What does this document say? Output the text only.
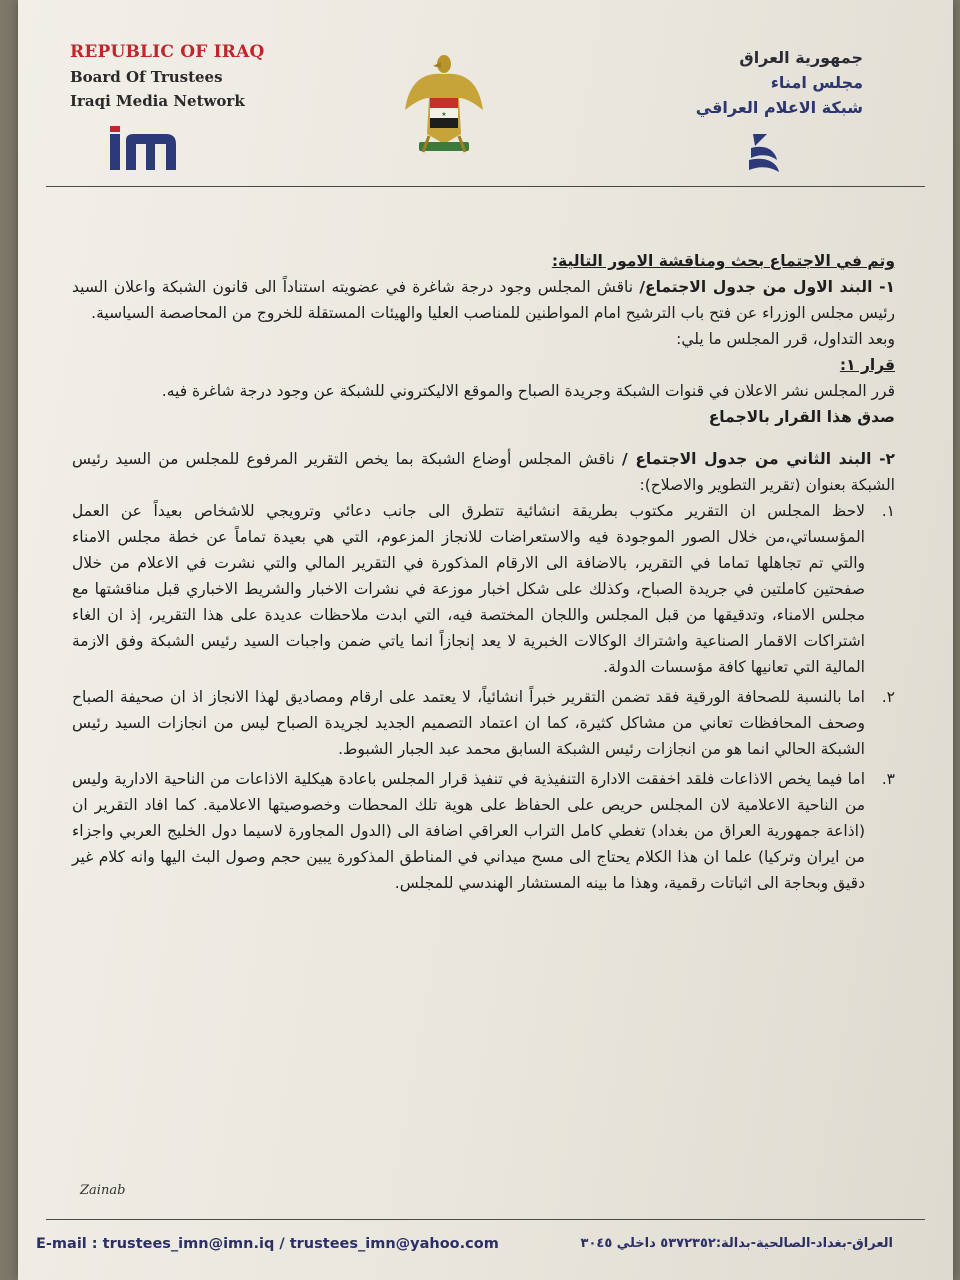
REPUBLIC OF IRAQ
Board Of Trustees
Iraqi Media Network
★
جمهورية العراق
مجلس امناء
شبكة الاعلام العراقي

وتم في الاجتماع بحث ومناقشة الامور التالية:

١- البند الاول من جدول الاجتماع/ ناقش المجلس وجود درجة شاغرة في عضويته استناداً الى قانون الشبكة واعلان السيد رئيس مجلس الوزراء عن فتح باب الترشيح امام المواطنين للمناصب العليا والهيئات المستقلة للخروج من المحاصصة السياسية.

وبعد التداول، قرر المجلس ما يلي:

قرار ١:

قرر المجلس نشر الاعلان في قنوات الشبكة وجريدة الصباح والموقع الاليكتروني للشبكة عن وجود درجة شاغرة فيه.

صدق هذا القرار بالاجماع

٢- البند الثاني من جدول الاجتماع / ناقش المجلس أوضاع الشبكة بما يخص التقرير المرفوع للمجلس من السيد رئيس الشبكة بعنوان (تقرير التطوير والاصلاح):

١.
لاحظ المجلس ان التقرير مكتوب بطريقة انشائية تتطرق الى جانب دعائي وترويجي للاشخاص بعيداً عن العمل المؤسساتي،من خلال الصور الموجودة فيه والاستعراضات للانجاز المزعوم، التي هي بعيدة تماماً عن خطة مجلس الامناء والتي تم تجاهلها تماما في التقرير، بالاضافة الى الارقام المذكورة في التقرير المالي والتي نشرت في الاعلام من خلال صفحتين كاملتين في جريدة الصباح، وكذلك على شكل اخبار موزعة في نشرات الاخبار والشريط الاخباري قبل مناقشتها مع مجلس الامناء، وتدقيقها من قبل المجلس واللجان المختصة فيه، التي ابدت ملاحظات عديدة على هذا التقرير، إذ ان الغاء اشتراكات الاقمار الصناعية واشتراك الوكالات الخبرية لا يعد إنجازاً انما ياتي ضمن واجبات السيد رئيس الشبكة وفق الازمة المالية التي تعانيها كافة مؤسسات الدولة.
٢.
اما بالنسبة للصحافة الورقية فقد تضمن التقرير خبراً انشائياً، لا يعتمد على ارقام ومصاديق لهذا الانجاز اذ ان صحيفة الصباح وصحف المحافظات تعاني من مشاكل كثيرة، كما ان اعتماد التصميم الجديد لجريدة الصباح ليس من انجازات السيد رئيس الشبكة الحالي انما هو من انجازات رئيس الشبكة السابق محمد عبد الجبار الشبوط.
٣.
اما فيما يخص الاذاعات فلقد اخفقت الادارة التنفيذية في تنفيذ قرار المجلس باعادة هيكلية الاذاعات من الناحية الادارية وليس من الناحية الاعلامية لان المجلس حريص على الحفاظ على هوية تلك المحطات وخصوصيتها الاعلامية. كما افاد التقرير ان (اذاعة جمهورية العراق من بغداد) تغطي كامل التراب العراقي اضافة الى (الدول المجاورة لاسيما دول الخليج العربي واجزاء من ايران وتركيا) علما ان هذا الكلام يحتاج الى مسح ميداني في المناطق المذكورة يبين حجم وصول البث اليها وانه كلام غير دقيق وبحاجة الى اثباتات رقمية، وهذا ما بينه المستشار الهندسي للمجلس.
Zainab
E-mail : trustees_imn@imn.iq / trustees_imn@yahoo.com	العراق-بغداد-الصالحية-بدالة:٥٣٧٢٣٥٢ داخلي ٣٠٤٥
